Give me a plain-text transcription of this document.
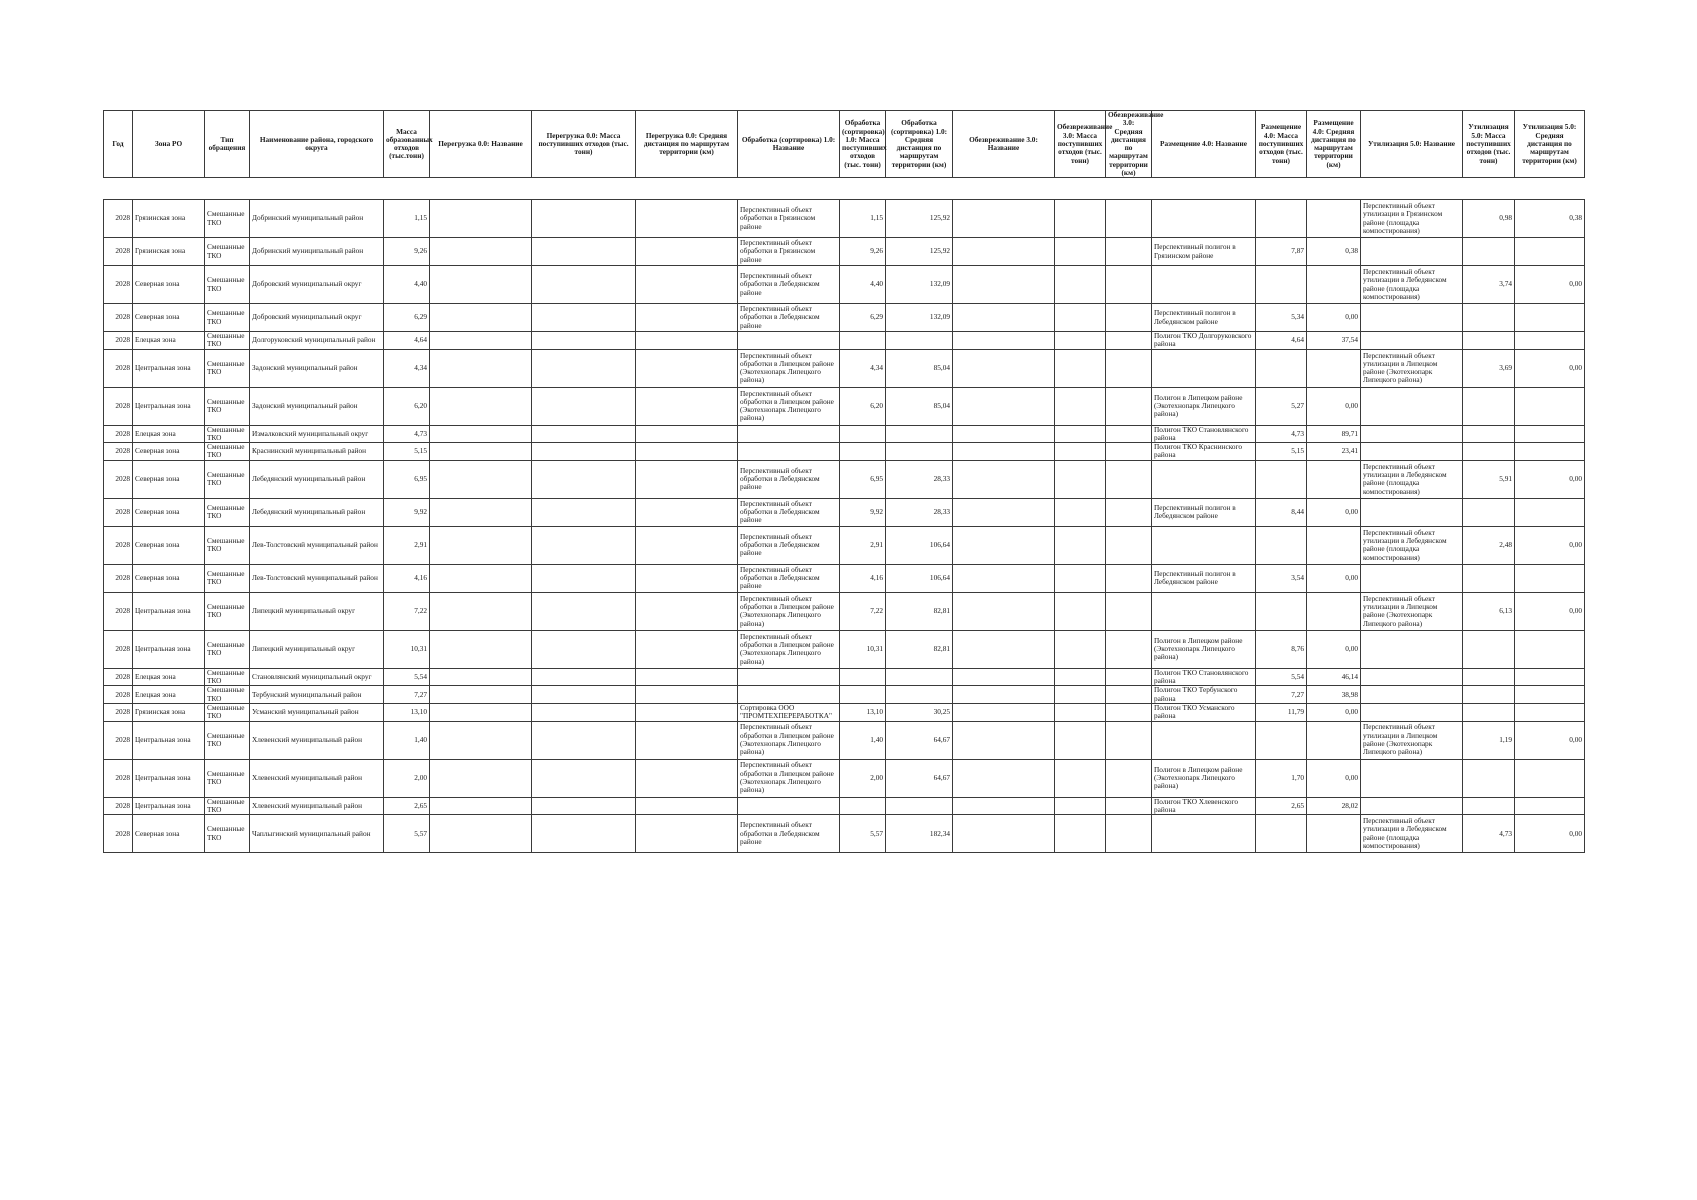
Год	Зона РО	Тип обращения	Наименование района, городского округа	Масса образованных отходов (тыс.тонн)	Перегрузка 0.0: Название	Перегрузка 0.0: Масса поступивших отходов (тыс. тонн)	Перегрузка 0.0: Средняя дистанция по маршрутам территории (км)	Обработка (сортировка) 1.0: Название	Обработка (сортировка) 1.0: Масса поступивших отходов (тыс. тонн)	Обработка (сортировка) 1.0: Средняя дистанция по маршрутам территории (км)	Обезвреживание 3.0: Название	Обезвреживание 3.0: Масса поступивших отходов (тыс. тонн)	Обезвреживание 3.0: Средняя дистанция по маршрутам территории (км)	Размещение 4.0: Название	Размещение 4.0: Масса поступивших отходов (тыс. тонн)	Размещение 4.0: Средняя дистанция по маршрутам территории (км)	Утилизация 5.0: Название	Утилизация 5.0: Масса поступивших отходов (тыс. тонн)	Утилизация 5.0: Средняя дистанция по маршрутам территории (км)
2028	Грязинская зона	Смешанные ТКО	Добринский муниципальный район	1,15				Перспективный объект обработки в Грязинском районе	1,15	125,92							Перспективный объект утилизации в Грязинском районе (площадка компостирования)	0,98	0,38
2028	Грязинская зона	Смешанные ТКО	Добринский муниципальный район	9,26				Перспективный объект обработки в Грязинском районе	9,26	125,92				Перспективный полигон в Грязинском районе	7,87	0,38			
2028	Северная зона	Смешанные ТКО	Добровский муниципальный округ	4,40				Перспективный объект обработки в Лебедянском районе	4,40	132,09							Перспективный объект утилизации в Лебедянском районе (площадка компостирования)	3,74	0,00
2028	Северная зона	Смешанные ТКО	Добровский муниципальный округ	6,29				Перспективный объект обработки в Лебедянском районе	6,29	132,09				Перспективный полигон в Лебедянском районе	5,34	0,00			
2028	Елецкая зона	Смешанные ТКО	Долгоруковский муниципальный район	4,64										Полигон ТКО Долгоруковского района	4,64	37,54			
2028	Центральная зона	Смешанные ТКО	Задонский муниципальный район	4,34				Перспективный объект обработки в Липецком районе (Экотехнопарк Липецкого района)	4,34	85,04							Перспективный объект утилизации в Липецком районе (Экотехнопарк Липецкого района)	3,69	0,00
2028	Центральная зона	Смешанные ТКО	Задонский муниципальный район	6,20				Перспективный объект обработки в Липецком районе (Экотехнопарк Липецкого района)	6,20	85,04				Полигон в Липецком районе (Экотехнопарк Липецкого района)	5,27	0,00			
2028	Елецкая зона	Смешанные ТКО	Измалковский муниципальный округ	4,73										Полигон ТКО Становлянского района	4,73	89,71			
2028	Северная зона	Смешанные ТКО	Краснинский муниципальный район	5,15										Полигон ТКО Краснинского района	5,15	23,41			
2028	Северная зона	Смешанные ТКО	Лебедянский муниципальный район	6,95				Перспективный объект обработки в Лебедянском районе	6,95	28,33							Перспективный объект утилизации в Лебедянском районе (площадка компостирования)	5,91	0,00
2028	Северная зона	Смешанные ТКО	Лебедянский муниципальный район	9,92				Перспективный объект обработки в Лебедянском районе	9,92	28,33				Перспективный полигон в Лебедянском районе	8,44	0,00			
2028	Северная зона	Смешанные ТКО	Лев-Толстовский муниципальный район	2,91				Перспективный объект обработки в Лебедянском районе	2,91	106,64							Перспективный объект утилизации в Лебедянском районе (площадка компостирования)	2,48	0,00
2028	Северная зона	Смешанные ТКО	Лев-Толстовский муниципальный район	4,16				Перспективный объект обработки в Лебедянском районе	4,16	106,64				Перспективный полигон в Лебедянском районе	3,54	0,00			
2028	Центральная зона	Смешанные ТКО	Липецкий муниципальный округ	7,22				Перспективный объект обработки в Липецком районе (Экотехнопарк Липецкого района)	7,22	82,81							Перспективный объект утилизации в Липецком районе (Экотехнопарк Липецкого района)	6,13	0,00
2028	Центральная зона	Смешанные ТКО	Липецкий муниципальный округ	10,31				Перспективный объект обработки в Липецком районе (Экотехнопарк Липецкого района)	10,31	82,81				Полигон в Липецком районе (Экотехнопарк Липецкого района)	8,76	0,00			
2028	Елецкая зона	Смешанные ТКО	Становлянский муниципальный округ	5,54										Полигон ТКО Становлянского района	5,54	46,14			
2028	Елецкая зона	Смешанные ТКО	Тербунский муниципальный район	7,27										Полигон ТКО Тербунского района	7,27	38,98			
2028	Грязинская зона	Смешанные ТКО	Усманский муниципальный район	13,10				Сортировка ООО "ПРОМТЕХПЕРЕРАБОТКА"	13,10	30,25				Полигон ТКО Усманского района	11,79	0,00			
2028	Центральная зона	Смешанные ТКО	Хлевенский муниципальный район	1,40				Перспективный объект обработки в Липецком районе (Экотехнопарк Липецкого района)	1,40	64,67							Перспективный объект утилизации в Липецком районе (Экотехнопарк Липецкого района)	1,19	0,00
2028	Центральная зона	Смешанные ТКО	Хлевенский муниципальный район	2,00				Перспективный объект обработки в Липецком районе (Экотехнопарк Липецкого района)	2,00	64,67				Полигон в Липецком районе (Экотехнопарк Липецкого района)	1,70	0,00			
2028	Центральная зона	Смешанные ТКО	Хлевенский муниципальный район	2,65										Полигон ТКО Хлевенского района	2,65	28,02			
2028	Северная зона	Смешанные ТКО	Чаплыгинский муниципальный район	5,57				Перспективный объект обработки в Лебедянском районе	5,57	182,34							Перспективный объект утилизации в Лебедянском районе (площадка компостирования)	4,73	0,00
